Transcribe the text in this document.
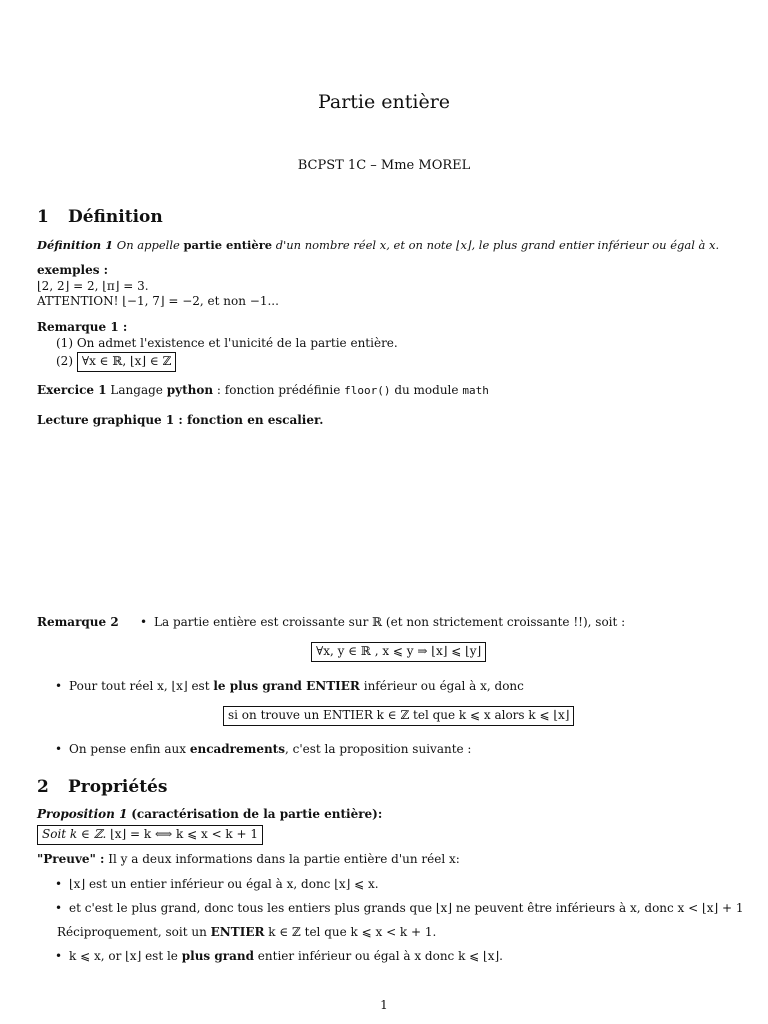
Partie entière
BCPST 1C – Mme MOREL
1 Définition
Définition 1 On appelle partie entière d'un nombre réel x, et on note ⌊x⌋, le plus grand entier inférieur ou égal à x.
exemples :
⌊2, 2⌋ = 2, ⌊π⌋ = 3.
ATTENTION! ⌊−1, 7⌋ = −2, et non −1...
Remarque 1 :
(1) On admet l'existence et l'unicité de la partie entière.
(2) ∀x ∈ ℝ, ⌊x⌋ ∈ ℤ
Exercice 1 Langage python : fonction prédéfinie floor() du module math
Lecture graphique 1 : fonction en escalier.
Remarque 2 • La partie entière est croissante sur ℝ (et non strictement croissante !!), soit :
∀x, y ∈ ℝ , x ⩽ y ⇒ ⌊x⌋ ⩽ ⌊y⌋
• Pour tout réel x, ⌊x⌋ est le plus grand ENTIER inférieur ou égal à x, donc
si on trouve un ENTIER k ∈ ℤ tel que k ⩽ x alors k ⩽ ⌊x⌋
• On pense enfin aux encadrements, c'est la proposition suivante :
2 Propriétés
Proposition 1 (caractérisation de la partie entière):
Soit k ∈ ℤ. ⌊x⌋ = k ⟺ k ⩽ x < k + 1
"Preuve" : Il y a deux informations dans la partie entière d'un réel x:
• ⌊x⌋ est un entier inférieur ou égal à x, donc ⌊x⌋ ⩽ x.
• et c'est le plus grand, donc tous les entiers plus grands que ⌊x⌋ ne peuvent être inférieurs à x, donc x < ⌊x⌋ + 1
Réciproquement, soit un ENTIER k ∈ ℤ tel que k ⩽ x < k + 1.
• k ⩽ x, or ⌊x⌋ est le plus grand entier inférieur ou égal à x donc k ⩽ ⌊x⌋.
1
